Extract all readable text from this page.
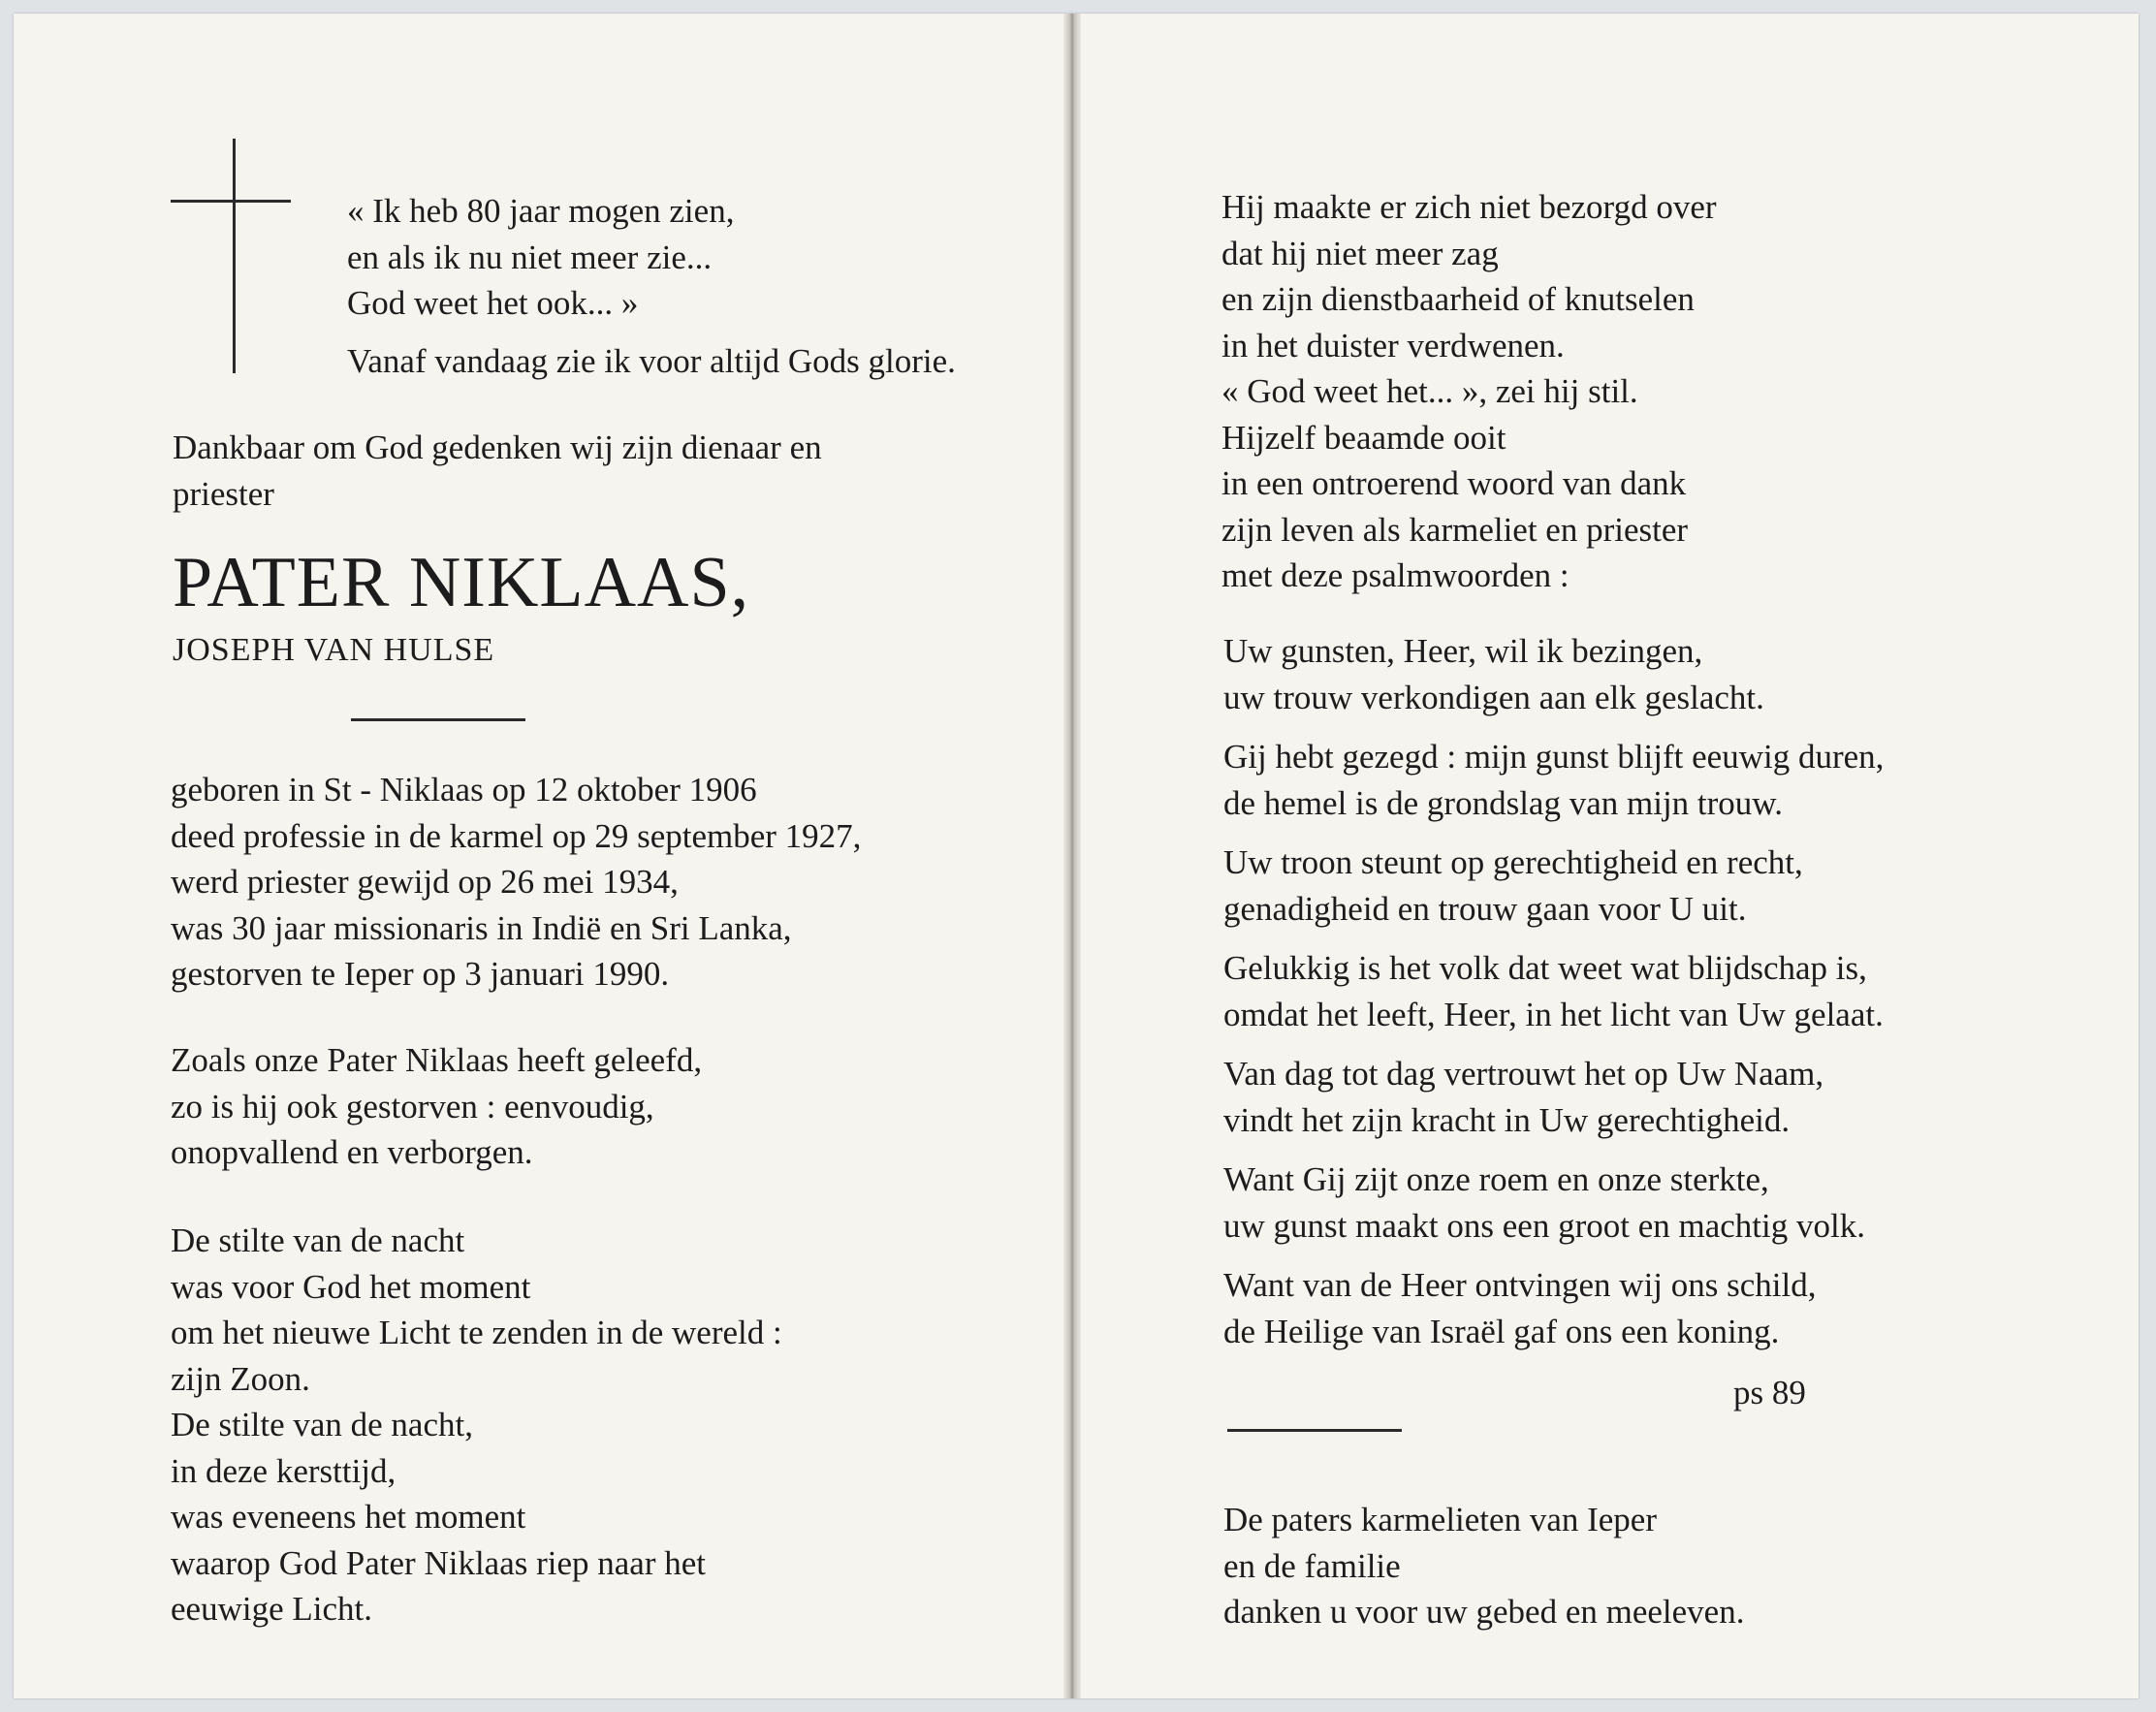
« Ik heb 80 jaar mogen zien,
en als ik nu niet meer zie...
God weet het ook... »

Vanaf vandaag zie ik voor altijd Gods glorie.

Dankbaar om God gedenken wij zijn dienaar en
priester

PATER NIKLAAS,

JOSEPH VAN HULSE

geboren in St - Niklaas op 12 oktober 1906
deed professie in de karmel op 29 september 1927,
werd priester gewijd op 26 mei 1934,
was 30 jaar missionaris in Indië en Sri Lanka,
gestorven te Ieper op 3 januari 1990.

Zoals onze Pater Niklaas heeft geleefd,
zo is hij ook gestorven : eenvoudig,
onopvallend en verborgen.

De stilte van de nacht
was voor God het moment
om het nieuwe Licht te zenden in de wereld :
zijn Zoon.
De stilte van de nacht,
in deze kersttijd,
was eveneens het moment
waarop God Pater Niklaas riep naar het
eeuwige Licht.

Hij maakte er zich niet bezorgd over
dat hij niet meer zag
en zijn dienstbaarheid of knutselen
in het duister verdwenen.
« God weet het... », zei hij stil.
Hijzelf beaamde ooit
in een ontroerend woord van dank
zijn leven als karmeliet en priester
met deze psalmwoorden :

Uw gunsten, Heer, wil ik bezingen,
uw trouw verkondigen aan elk geslacht.

Gij hebt gezegd : mijn gunst blijft eeuwig duren,
de hemel is de grondslag van mijn trouw.

Uw troon steunt op gerechtigheid en recht,
genadigheid en trouw gaan voor U uit.

Gelukkig is het volk dat weet wat blijdschap is,
omdat het leeft, Heer, in het licht van Uw gelaat.

Van dag tot dag vertrouwt het op Uw Naam,
vindt het zijn kracht in Uw gerechtigheid.

Want Gij zijt onze roem en onze sterkte,
uw gunst maakt ons een groot en machtig volk.

Want van de Heer ontvingen wij ons schild,
de Heilige van Israël gaf ons een koning.

ps 89

De paters karmelieten van Ieper
en de familie
danken u voor uw gebed en meeleven.
